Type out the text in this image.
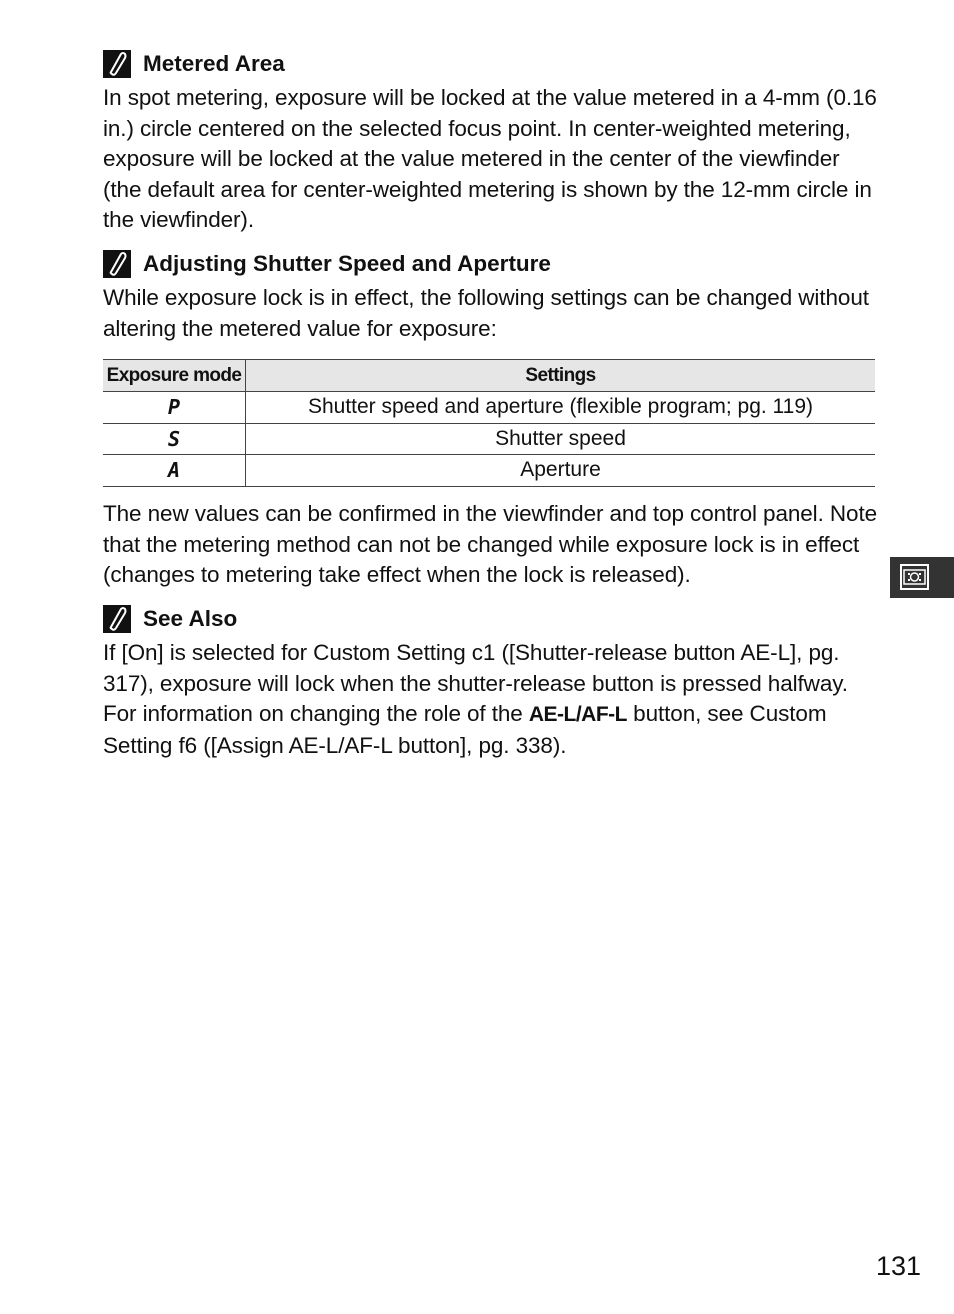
Metered Area

In spot metering, exposure will be locked at the value metered in a 4-mm (0.16 in.) circle centered on the selected focus point. In center-weighted metering, exposure will be locked at the value metered in the center of the viewfinder (the default area for center-weighted metering is shown by the 12-mm circle in the viewfinder).

Adjusting Shutter Speed and Aperture

While exposure lock is in effect, the following settings can be changed without altering the metered value for exposure:

Exposure mode	Settings
P	Shutter speed and aperture (flexible program; pg. 119)
S	Shutter speed
A	Aperture

The new values can be confirmed in the viewfinder and top control panel. Note that the metering method can not be changed while exposure lock is in effect (changes to metering take effect when the lock is released).

See Also

If [On] is selected for Custom Setting c1 ([Shutter-release button AE-L], pg. 317), exposure will lock when the shutter-release button is pressed halfway. For information on changing the role of the AE-L/AF-L button, see Custom Setting f6 ([Assign AE-L/AF-L button], pg. 338).

131
